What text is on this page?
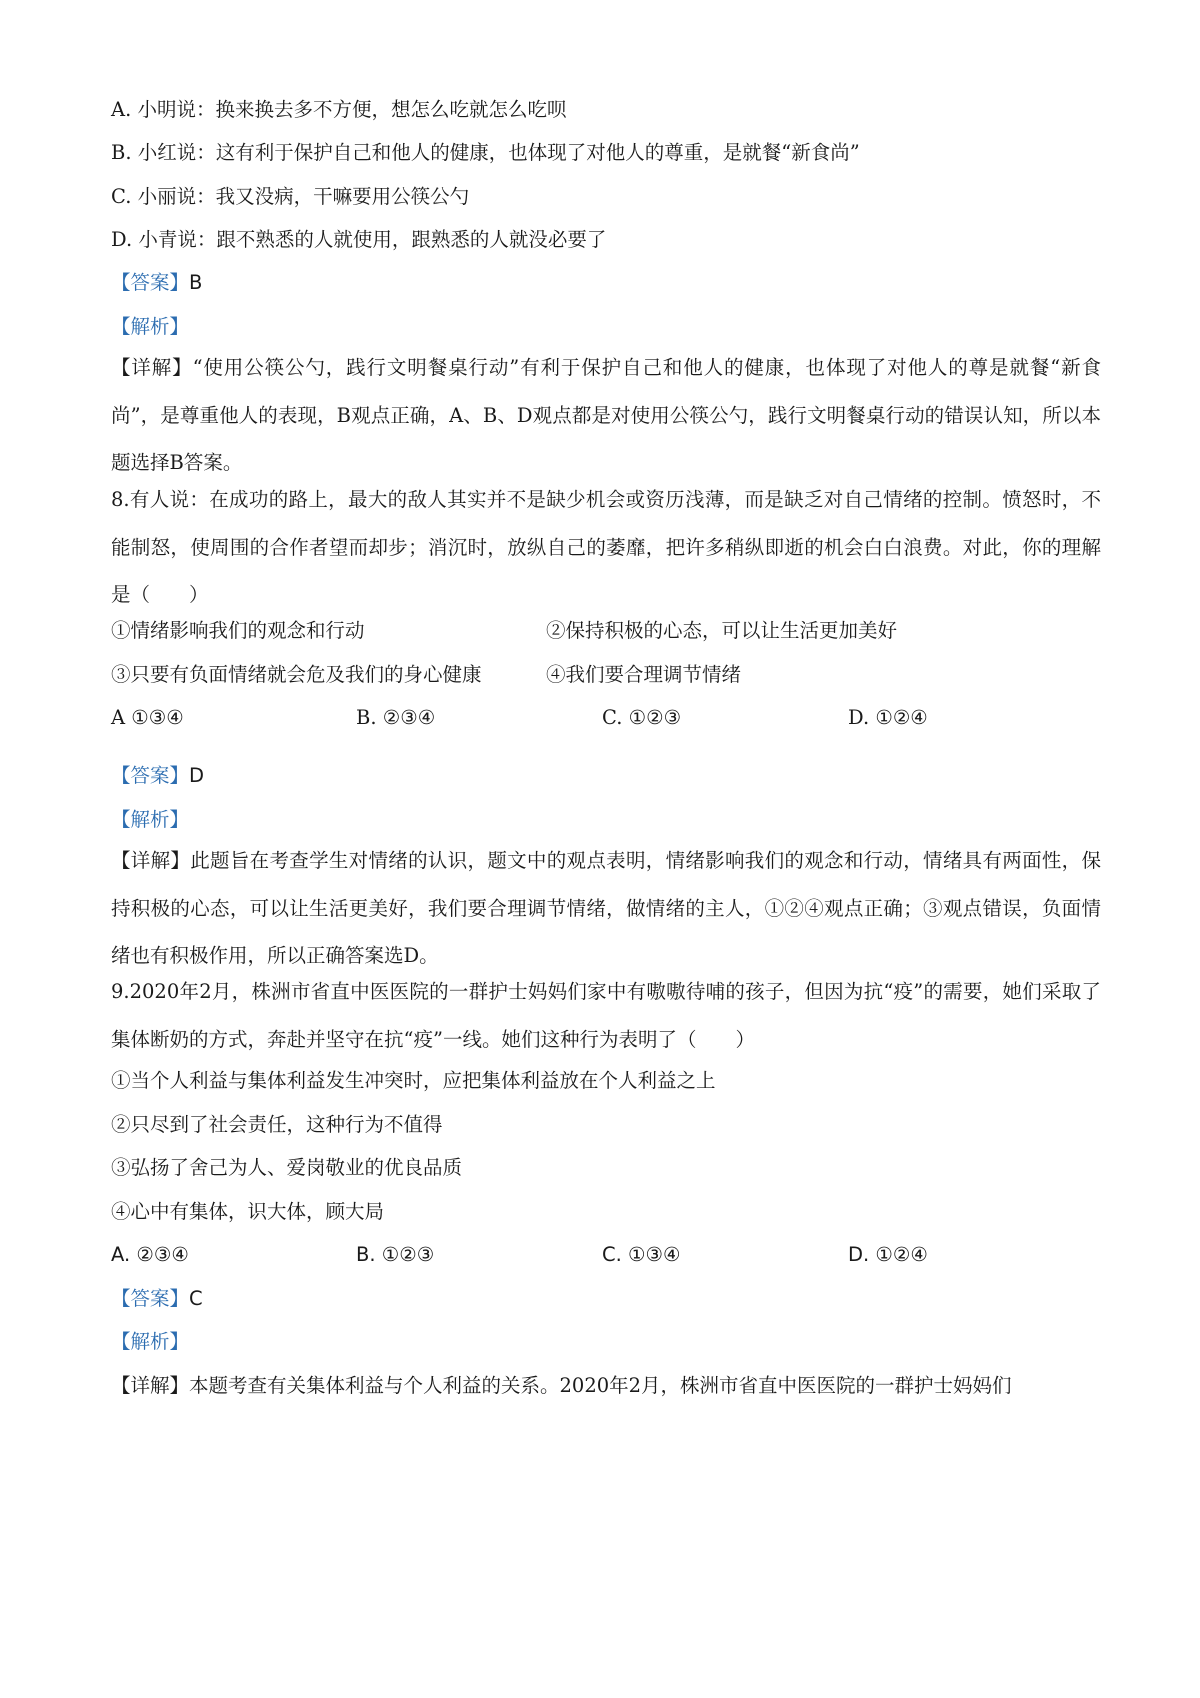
A. 小明说：换来换去多不方便，想怎么吃就怎么吃呗
B. 小红说：这有利于保护自己和他人的健康，也体现了对他人的尊重，是就餐“新食尚”
C. 小丽说：我又没病，干嘛要用公筷公勺
D. 小青说：跟不熟悉的人就使用，跟熟悉的人就没必要了
【答案】B
【解析】
【详解】“使用公筷公勺，践行文明餐桌行动”有利于保护自己和他人的健康，也体现了对他人的尊是就餐“新食尚”，是尊重他人的表现，B观点正确，A、B、D观点都是对使用公筷公勺，践行文明餐桌行动的错误认知，所以本题选择B答案。
8.有人说：在成功的路上，最大的敌人其实并不是缺少机会或资历浅薄，而是缺乏对自己情绪的控制。愤怒时，不能制怒，使周围的合作者望而却步；消沉时，放纵自己的萎靡，把许多稍纵即逝的机会白白浪费。对此，你的理解是（　　）
①情绪影响我们的观念和行动	②保持积极的心态，可以让生活更加美好
③只要有负面情绪就会危及我们的身心健康	④我们要合理调节情绪
A ①③④	B. ②③④	C. ①②③	D. ①②④
【答案】D
【解析】
【详解】此题旨在考查学生对情绪的认识，题文中的观点表明，情绪影响我们的观念和行动，情绪具有两面性，保持积极的心态，可以让生活更美好，我们要合理调节情绪，做情绪的主人，①②④观点正确；③观点错误，负面情绪也有积极作用，所以正确答案选D。
9.2020年2月，株洲市省直中医医院的一群护士妈妈们家中有嗷嗷待哺的孩子，但因为抗“疫”的需要，她们采取了集体断奶的方式，奔赴并坚守在抗“疫”一线。她们这种行为表明了（　　）
①当个人利益与集体利益发生冲突时，应把集体利益放在个人利益之上
②只尽到了社会责任，这种行为不值得
③弘扬了舍己为人、爱岗敬业的优良品质
④心中有集体，识大体，顾大局
A. ②③④	B. ①②③	C. ①③④	D. ①②④
【答案】C
【解析】
【详解】本题考查有关集体利益与个人利益的关系。2020年2月，株洲市省直中医医院的一群护士妈妈们
